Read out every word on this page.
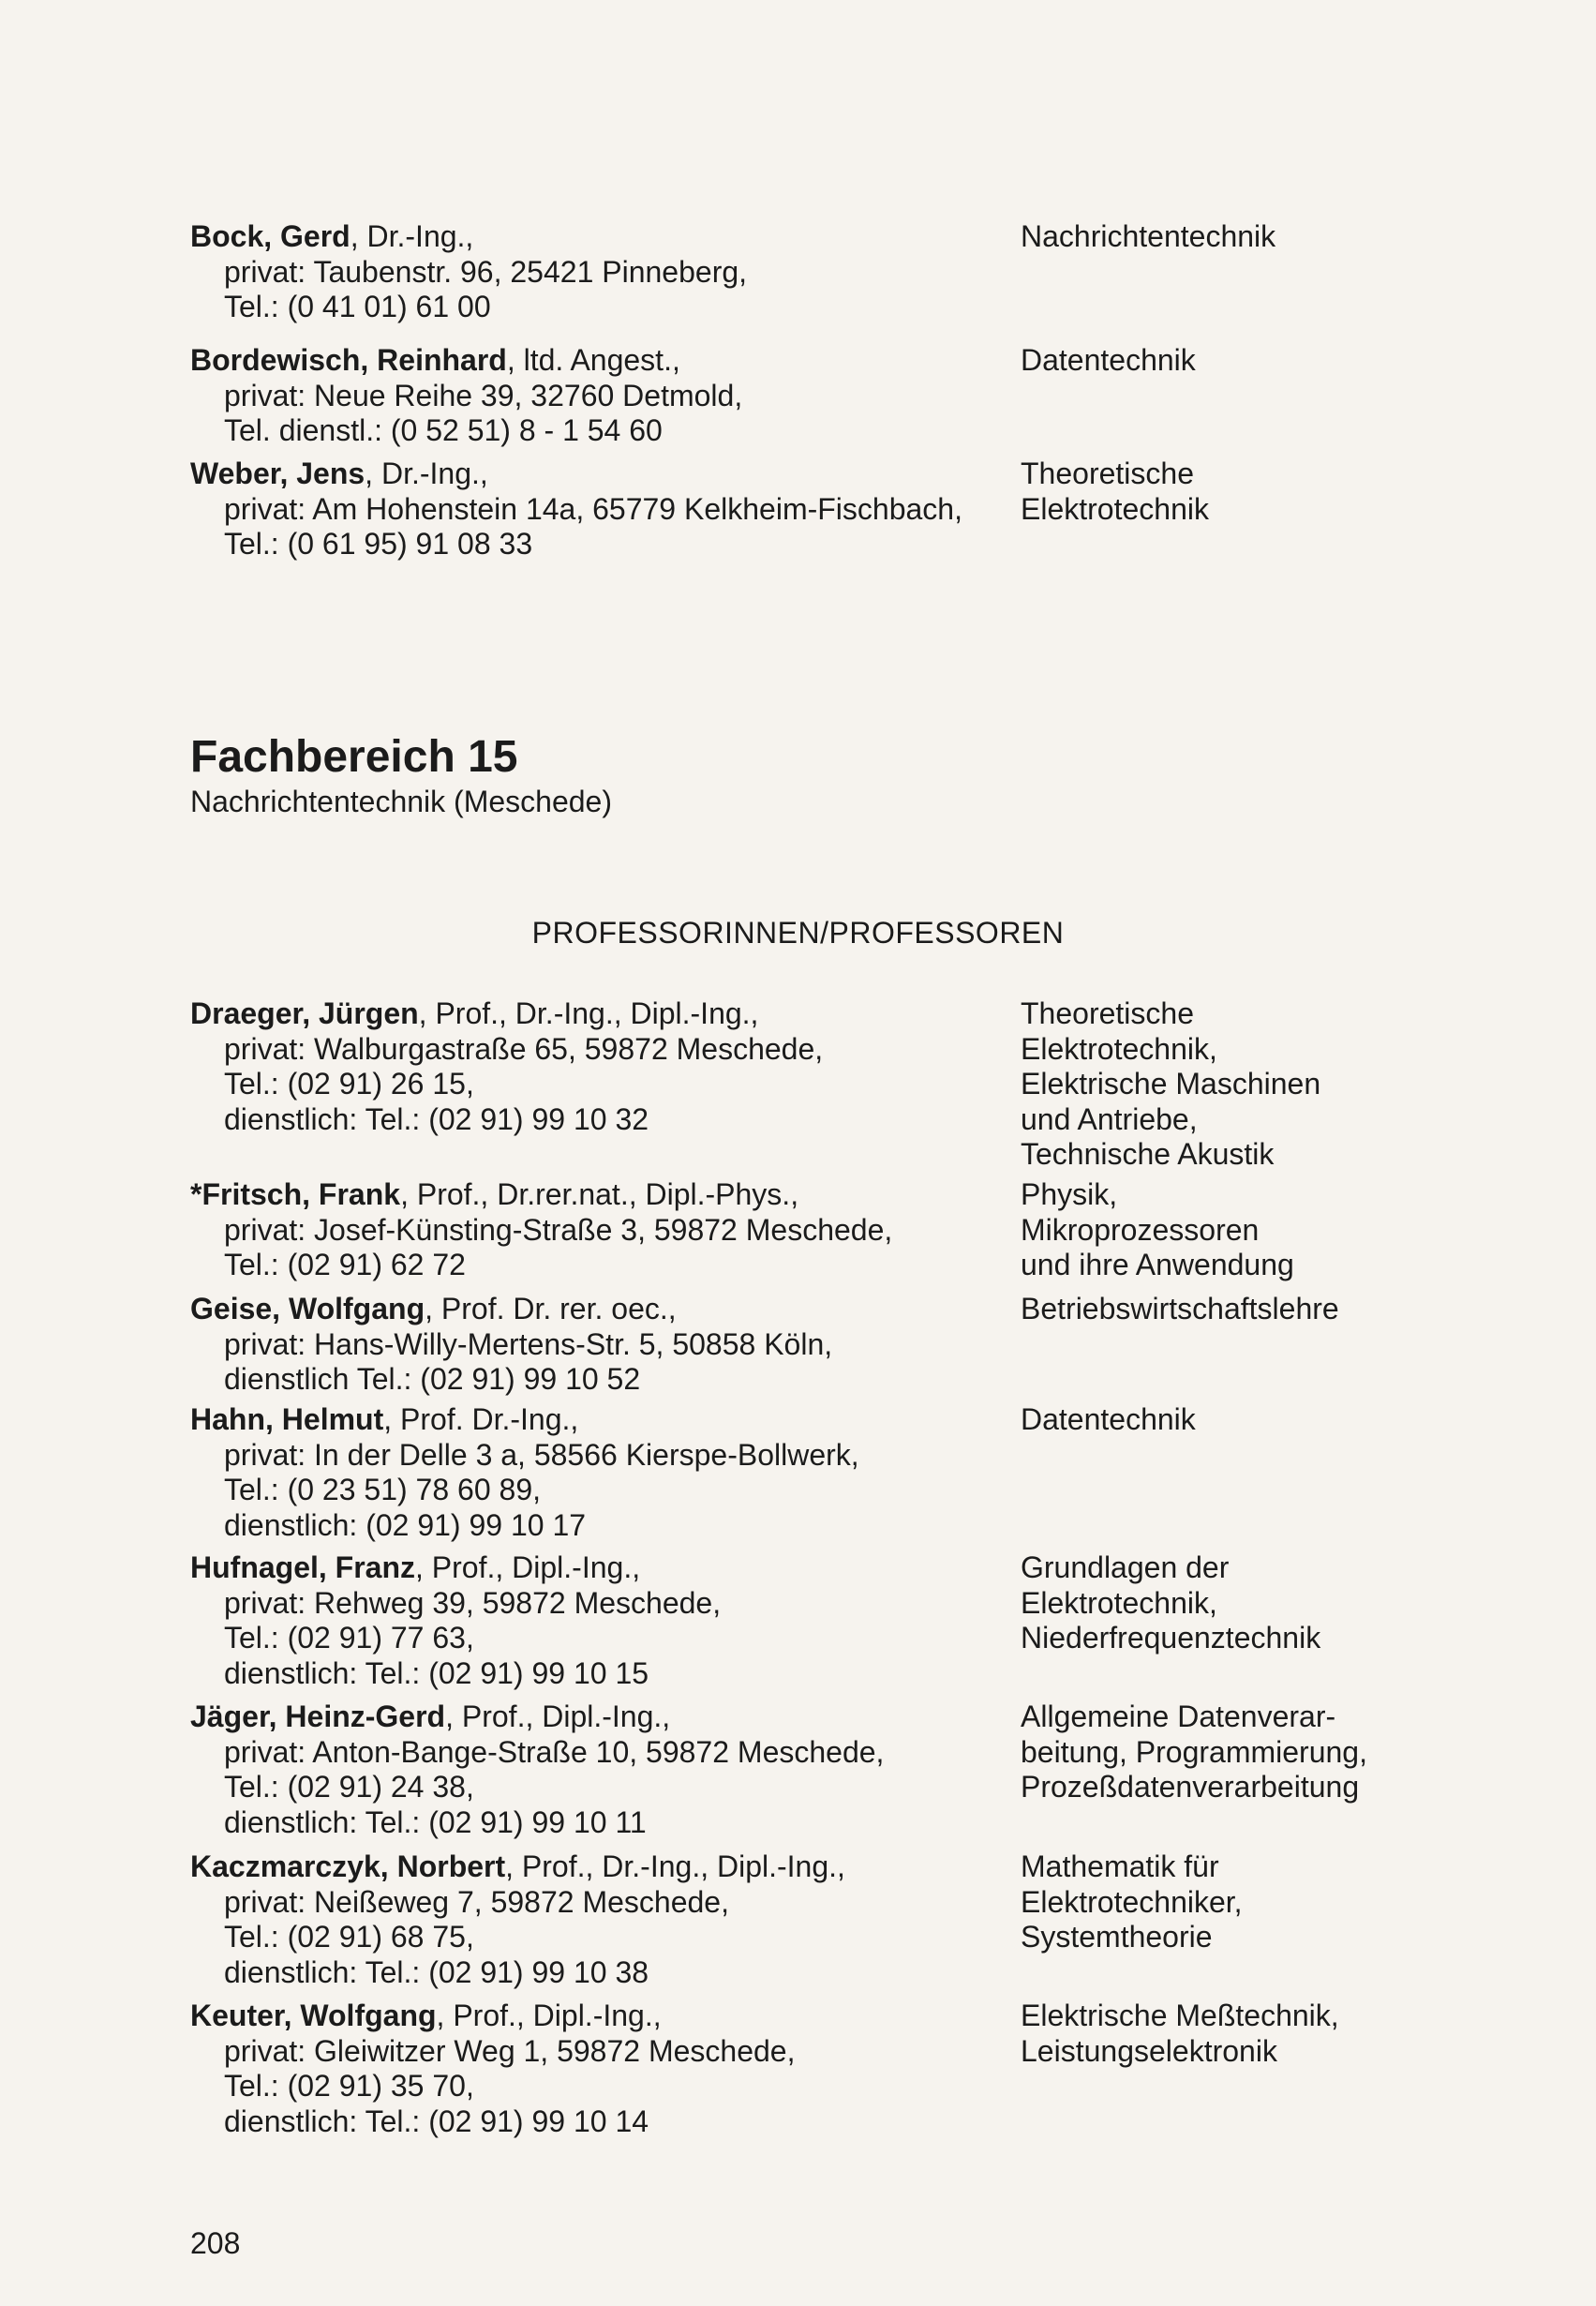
Bock, Gerd, Dr.-Ing.,
privat: Taubenstr. 96, 25421 Pinneberg,
Tel.: (0 41 01) 61 00
Nachrichtentechnik
Bordewisch, Reinhard, ltd. Angest.,
privat: Neue Reihe 39, 32760 Detmold,
Tel. dienstl.: (0 52 51) 8 - 1 54 60
Datentechnik
Weber, Jens, Dr.-Ing.,
privat: Am Hohenstein 14a, 65779 Kelkheim-Fischbach,
Tel.: (0 61 95) 91 08 33
Theoretische
Elektrotechnik
Fachbereich 15
Nachrichtentechnik (Meschede)
PROFESSORINNEN/PROFESSOREN
Draeger, Jürgen, Prof., Dr.-Ing., Dipl.-Ing.,
privat: Walburgastraße 65, 59872 Meschede,
Tel.: (02 91) 26 15,
dienstlich: Tel.: (02 91) 99 10 32
Theoretische
Elektrotechnik,
Elektrische Maschinen
und Antriebe,
Technische Akustik
*Fritsch, Frank, Prof., Dr.rer.nat., Dipl.-Phys.,
privat: Josef-Künsting-Straße 3, 59872 Meschede,
Tel.: (02 91) 62 72
Physik,
Mikroprozessoren
und ihre Anwendung
Geise, Wolfgang, Prof. Dr. rer. oec.,
privat: Hans-Willy-Mertens-Str. 5, 50858 Köln,
dienstlich Tel.: (02 91) 99 10 52
Betriebswirtschaftslehre
Hahn, Helmut, Prof. Dr.-Ing.,
privat: In der Delle 3 a, 58566 Kierspe-Bollwerk,
Tel.: (0 23 51) 78 60 89,
dienstlich: (02 91) 99 10 17
Datentechnik
Hufnagel, Franz, Prof., Dipl.-Ing.,
privat: Rehweg 39, 59872 Meschede,
Tel.: (02 91) 77 63,
dienstlich: Tel.: (02 91) 99 10 15
Grundlagen der
Elektrotechnik,
Niederfrequenztechnik
Jäger, Heinz-Gerd, Prof., Dipl.-Ing.,
privat: Anton-Bange-Straße 10, 59872 Meschede,
Tel.: (02 91) 24 38,
dienstlich: Tel.: (02 91) 99 10 11
Allgemeine Datenverar-
beitung, Programmierung,
Prozeßdatenverarbeitung
Kaczmarczyk, Norbert, Prof., Dr.-Ing., Dipl.-Ing.,
privat: Neißeweg 7, 59872 Meschede,
Tel.: (02 91) 68 75,
dienstlich: Tel.: (02 91) 99 10 38
Mathematik für
Elektrotechniker,
Systemtheorie
Keuter, Wolfgang, Prof., Dipl.-Ing.,
privat: Gleiwitzer Weg 1, 59872 Meschede,
Tel.: (02 91) 35 70,
dienstlich: Tel.: (02 91) 99 10 14
Elektrische Meßtechnik,
Leistungselektronik
208
